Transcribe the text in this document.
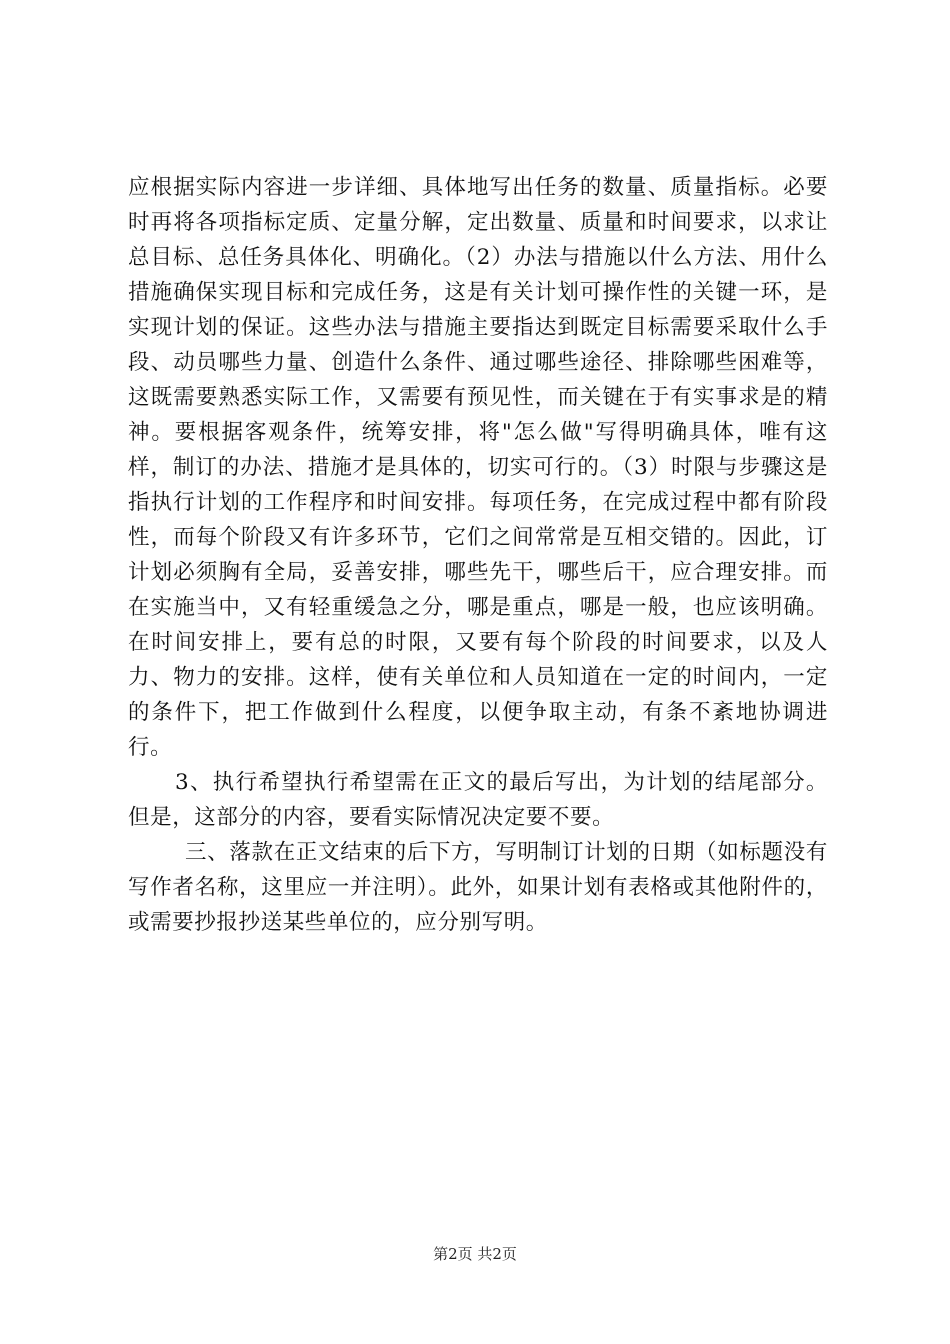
应根据实际内容进一步详细、具体地写出任务的数量、质量指标。必要时再将各项指标定质、定量分解，定出数量、质量和时间要求，以求让总目标、总任务具体化、明确化。（2）办法与措施以什么方法、用什么措施确保实现目标和完成任务，这是有关计划可操作性的关键一环，是实现计划的保证。这些办法与措施主要指达到既定目标需要采取什么手段、动员哪些力量、创造什么条件、通过哪些途径、排除哪些困难等，这既需要熟悉实际工作，又需要有预见性，而关键在于有实事求是的精神。要根据客观条件，统筹安排，将"怎么做"写得明确具体，唯有这样，制订的办法、措施才是具体的，切实可行的。（3）时限与步骤这是指执行计划的工作程序和时间安排。每项任务，在完成过程中都有阶段性，而每个阶段又有许多环节，它们之间常常是互相交错的。因此，订计划必须胸有全局，妥善安排，哪些先干，哪些后干，应合理安排。而在实施当中，又有轻重缓急之分，哪是重点，哪是一般，也应该明确。在时间安排上，要有总的时限，又要有每个阶段的时间要求，以及人力、物力的安排。这样，使有关单位和人员知道在一定的时间内，一定的条件下，把工作做到什么程度，以便争取主动，有条不紊地协调进行。

3、执行希望执行希望需在正文的最后写出，为计划的结尾部分。但是，这部分的内容，要看实际情况决定要不要。

三、落款在正文结束的后下方，写明制订计划的日期（如标题没有写作者名称，这里应一并注明）。此外，如果计划有表格或其他附件的，或需要抄报抄送某些单位的，应分别写明。

第2页 共2页
